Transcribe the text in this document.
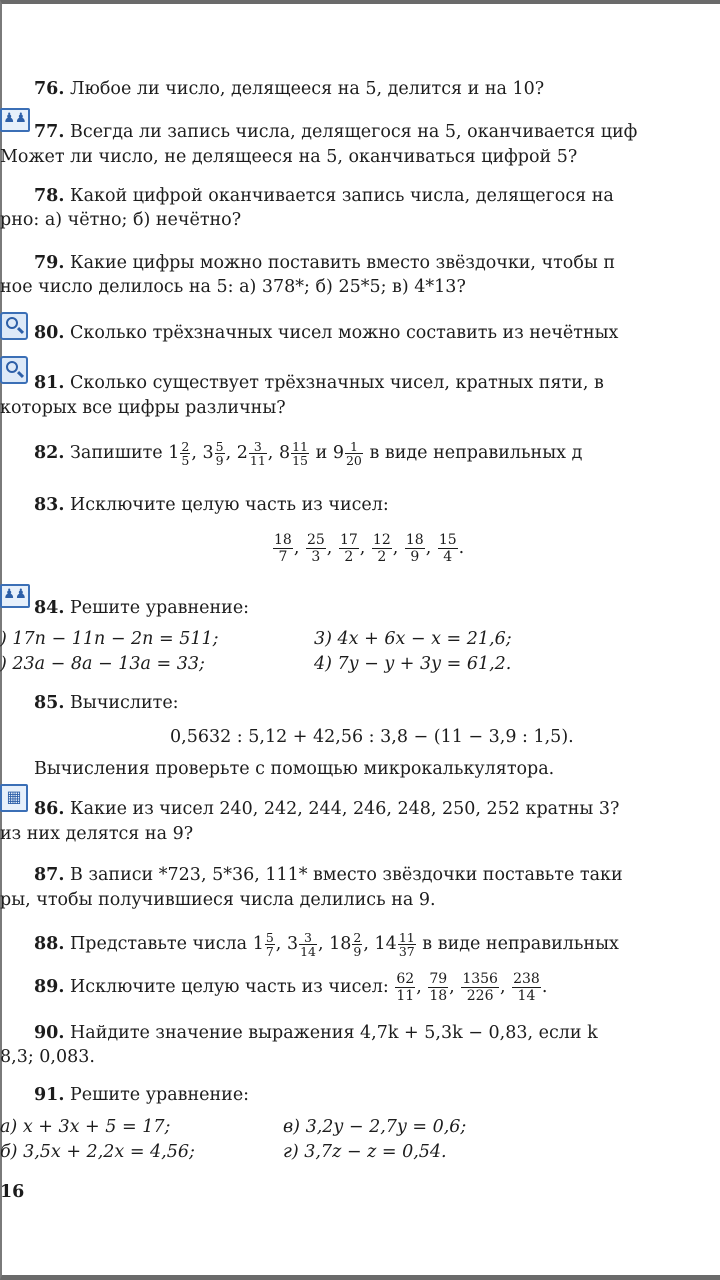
76. Любое ли число, делящееся на 5, делится и на 10?
♟♟
77. Всегда ли запись числа, делящегося на 5, оканчивается циф
Может ли число, не делящееся на 5, оканчиваться цифрой 5?
78. Какой цифрой оканчивается запись числа, делящегося на
рно: а) чётно; б) нечётно?
79. Какие цифры можно поставить вместо звёздочки, чтобы п
ное число делилось на 5: а) 378*; б) 25*5; в) 4*13?
80. Сколько трёхзначных чисел можно составить из нечётных
81. Сколько существует трёхзначных чисел, кратных пяти, в
которых все цифры различны?
82. Запишите $1 \frac{2}{5}$ , $3 \frac{5}{9}$ , $2 \frac{3}{11}$ , $8 \frac{11}{15}$ и $9 \frac{1}{20}$ в виде неправильных д
83. Исключите целую часть из чисел:
$\frac{18}{7}$ , $\frac{25}{3}$ , $\frac{17}{2}$ , $\frac{12}{2}$ , $\frac{18}{9}$ , $\frac{15}{4}$ .
♟♟
84. Решите уравнение:
) 17n − 11n − 2n = 511;	3) 4x + 6x − x = 21,6;
) 23a − 8a − 13a = 33;	4) 7y − y + 3y = 61,2.
85. Вычислите:
0,5632 : 5,12 + 42,56 : 3,8 − (11 − 3,9 : 1,5).
Вычисления проверьте с помощью микрокалькулятора.
▦
86. Какие из чисел 240, 242, 244, 246, 248, 250, 252 кратны 3?
из них делятся на 9?
87. В записи *723, 5*36, 111* вместо звёздочки поставьте таки
ры, чтобы получившиеся числа делились на 9.
88. Представьте числа $1 \frac{5}{7}$ , $3 \frac{3}{14}$ , $18 \frac{2}{9}$ , $14 \frac{11}{37}$ в виде неправильных
89. Исключите целую часть из чисел: $\frac{62}{11}$ , $\frac{79}{18}$ , $\frac{1356}{226}$ , $\frac{238}{14}$ .
90. Найдите значение выражения 4,7k + 5,3k − 0,83, если k
8,3; 0,083.
91. Решите уравнение:
а) x + 3x + 5 = 17;	в) 3,2y − 2,7y = 0,6;
б) 3,5x + 2,2x = 4,56;	г) 3,7z − z = 0,54.
16
